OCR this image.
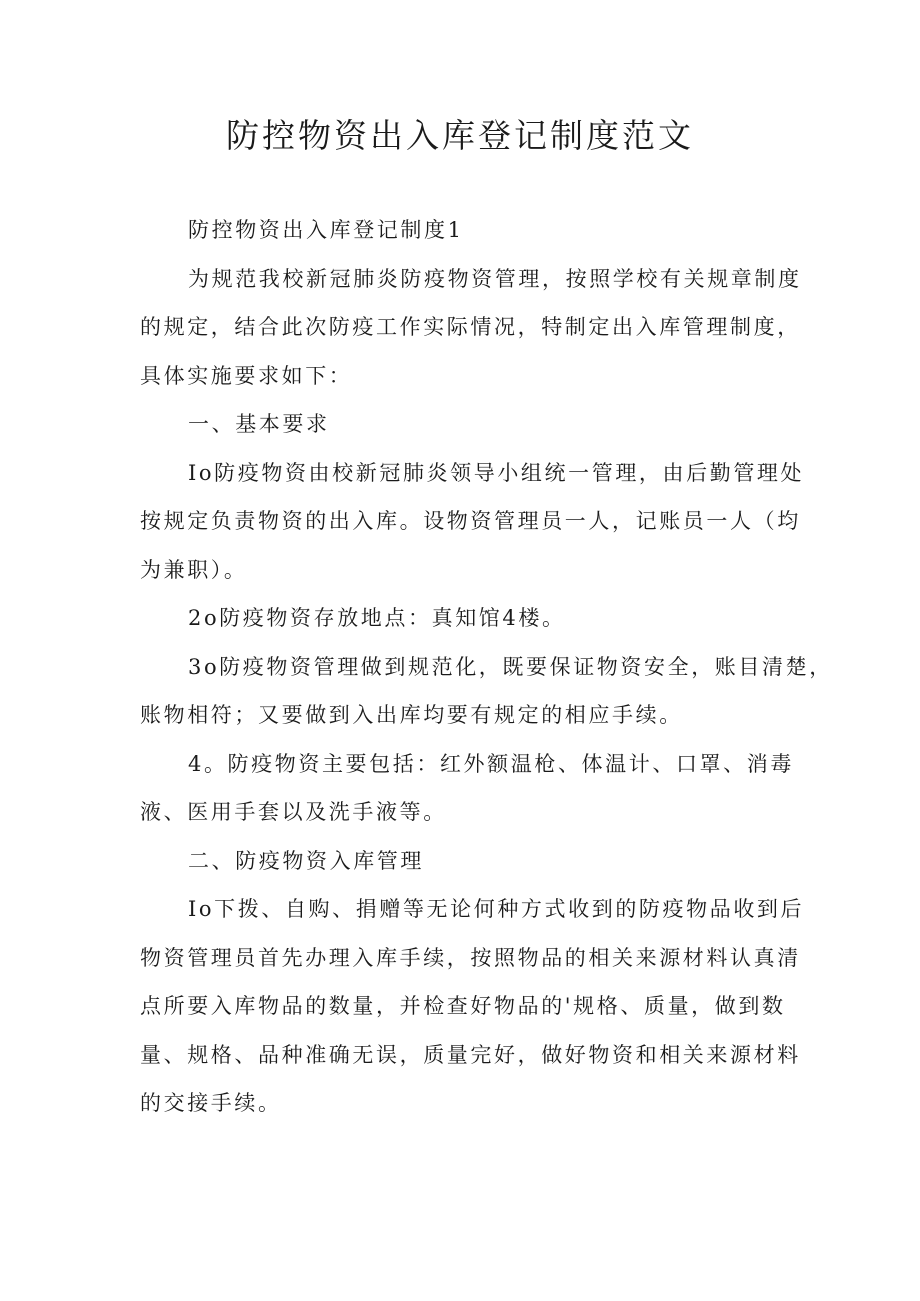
防控物资出入库登记制度范文

防控物资出入库登记制度1

为规范我校新冠肺炎防疫物资管理，按照学校有关规章制度
的规定，结合此次防疫工作实际情况，特制定出入库管理制度，
具体实施要求如下：

一、基本要求

Io防疫物资由校新冠肺炎领导小组统一管理，由后勤管理处
按规定负责物资的出入库。设物资管理员一人，记账员一人（均
为兼职）。

2o防疫物资存放地点：真知馆4楼。

3o防疫物资管理做到规范化，既要保证物资安全，账目清楚，
账物相符；又要做到入出库均要有规定的相应手续。

4。防疫物资主要包括：红外额温枪、体温计、口罩、消毒
液、医用手套以及洗手液等。

二、防疫物资入库管理

Io下拨、自购、捐赠等无论何种方式收到的防疫物品收到后
物资管理员首先办理入库手续，按照物品的相关来源材料认真清
点所要入库物品的数量，并检查好物品的'规格、质量，做到数
量、规格、品种准确无误，质量完好，做好物资和相关来源材料
的交接手续。
